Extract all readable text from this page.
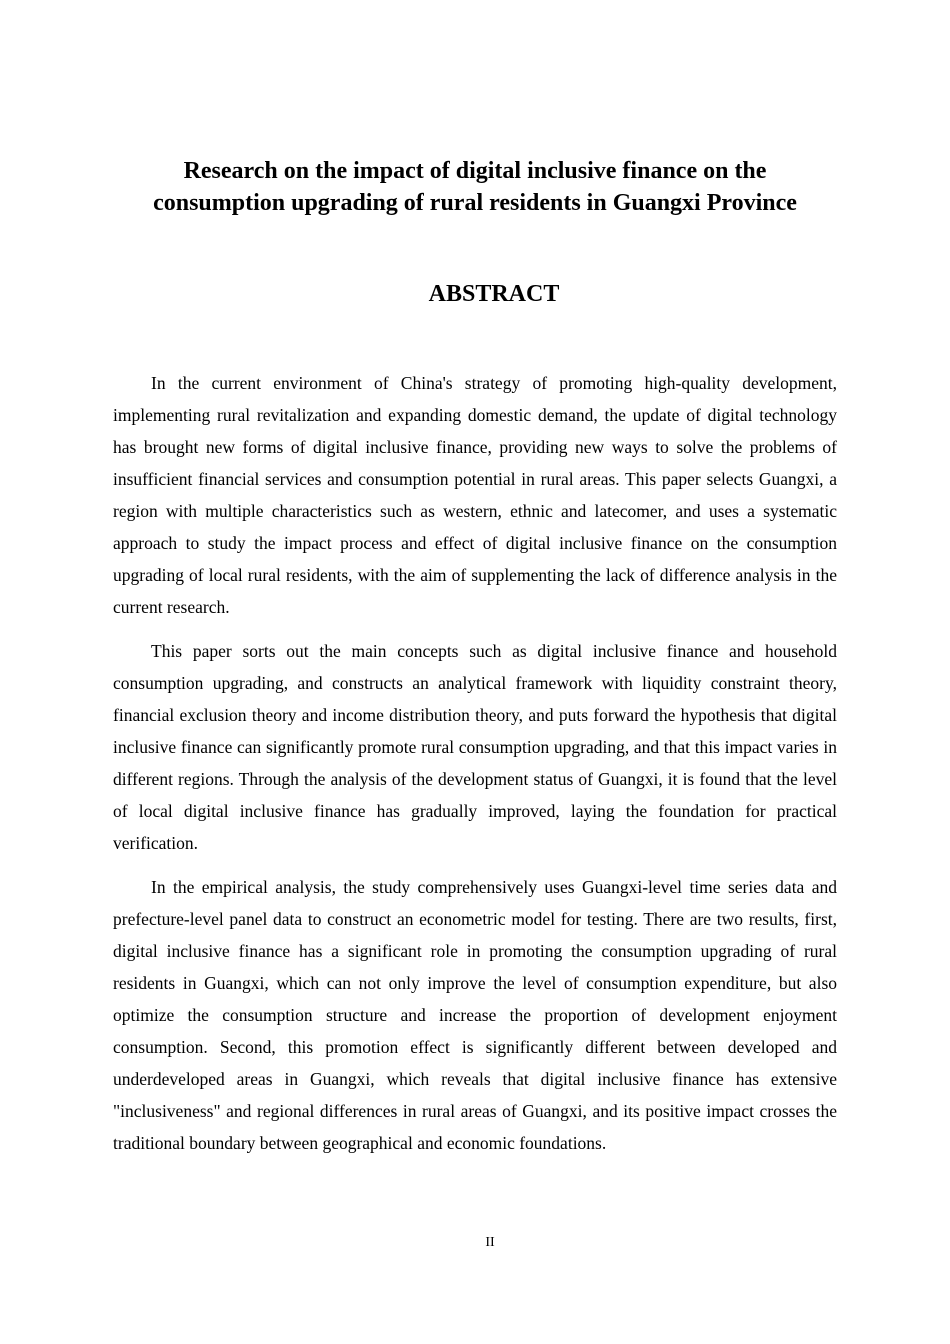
Research on the impact of digital inclusive finance on the
consumption upgrading of rural residents in Guangxi Province
ABSTRACT

In the current environment of China's strategy of promoting high-quality development, implementing rural revitalization and expanding domestic demand, the update of digital technology has brought new forms of digital inclusive finance, providing new ways to solve the problems of insufficient financial services and consumption potential in rural areas. This paper selects Guangxi, a region with multiple characteristics such as western, ethnic and latecomer, and uses a systematic approach to study the impact process and effect of digital inclusive finance on the consumption upgrading of local rural residents, with the aim of supplementing the lack of difference analysis in the current research.

This paper sorts out the main concepts such as digital inclusive finance and household consumption upgrading, and constructs an analytical framework with liquidity constraint theory, financial exclusion theory and income distribution theory, and puts forward the hypothesis that digital inclusive finance can significantly promote rural consumption upgrading, and that this impact varies in different regions. Through the analysis of the development status of Guangxi, it is found that the level of local digital inclusive finance has gradually improved, laying the foundation for practical verification.

In the empirical analysis, the study comprehensively uses Guangxi-level time series data and prefecture-level panel data to construct an econometric model for testing. There are two results, first, digital inclusive finance has a significant role in promoting the consumption upgrading of rural residents in Guangxi, which can not only improve the level of consumption expenditure, but also optimize the consumption structure and increase the proportion of development enjoyment consumption. Second, this promotion effect is significantly different between developed and underdeveloped areas in Guangxi, which reveals that digital inclusive finance has extensive "inclusiveness" and regional differences in rural areas of Guangxi, and its positive impact crosses the traditional boundary between geographical and economic foundations.

II
